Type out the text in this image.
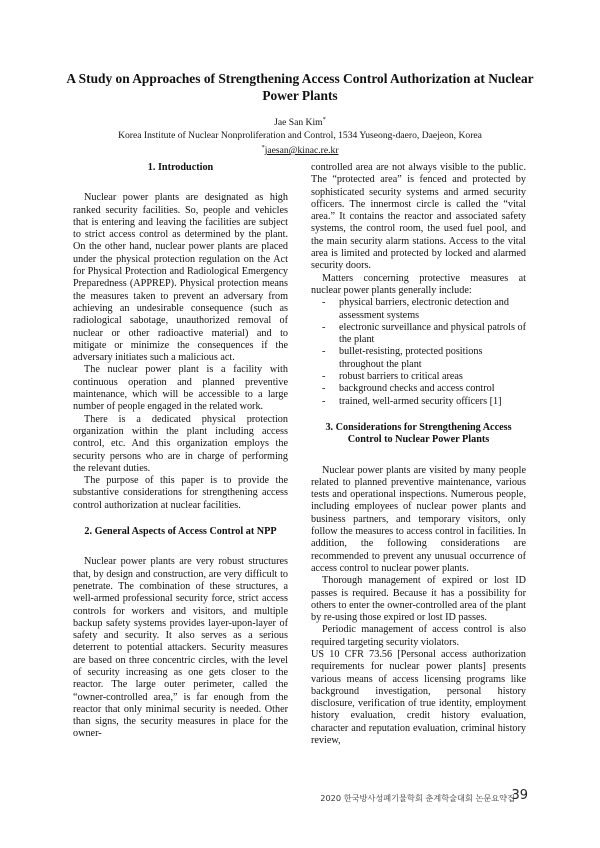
A Study on Approaches of Strengthening Access Control Authorization at Nuclear Power Plants
Jae San Kim*
Korea Institute of Nuclear Nonproliferation and Control, 1534 Yuseong-daero, Daejeon, Korea
*jaesan@kinac.re.kr
1. Introduction

Nuclear power plants are designated as high ranked security facilities. So, people and vehicles that is entering and leaving the facilities are subject to strict access control as determined by the plant. On the other hand, nuclear power plants are placed under the physical protection regulation on the Act for Physical Protection and Radiological Emergency Preparedness (APPREP). Physical protection means the measures taken to prevent an adversary from achieving an undesirable consequence (such as radiological sabotage, unauthorized removal of nuclear or other radioactive material) and to mitigate or minimize the consequences if the adversary initiates such a malicious act.

The nuclear power plant is a facility with continuous operation and planned preventive maintenance, which will be accessible to a large number of people engaged in the related work.

There is a dedicated physical protection organization within the plant including access control, etc. And this organization employs the security persons who are in charge of performing the relevant duties.

The purpose of this paper is to provide the substantive considerations for strengthening access control authorization at nuclear facilities.

2. General Aspects of Access Control at NPP

Nuclear power plants are very robust structures that, by design and construction, are very difficult to penetrate. The combination of these structures, a well-armed professional security force, strict access controls for workers and visitors, and multiple backup safety systems provides layer-upon-layer of safety and security. It also serves as a serious deterrent to potential attackers. Security measures are based on three concentric circles, with the level of security increasing as one gets closer to the reactor. The large outer perimeter, called the “owner-controlled area,” is far enough from the reactor that only minimal security is needed. Other than signs, the security measures in place for the owner-

controlled area are not always visible to the public. The “protected area” is fenced and protected by sophisticated security systems and armed security officers. The innermost circle is called the “vital area.” It contains the reactor and associated safety systems, the control room, the used fuel pool, and the main security alarm stations. Access to the vital area is limited and protected by locked and alarmed security doors.

Matters concerning protective measures at nuclear power plants generally include:

- physical barriers, electronic detection and assessment systems
- electronic surveillance and physical patrols of the plant
- bullet-resisting, protected positions throughout the plant
- robust barriers to critical areas
- background checks and access control
- trained, well-armed security officers [1]
3. Considerations for Strengthening Access
Control to Nuclear Power Plants

Nuclear power plants are visited by many people related to planned preventive maintenance, various tests and operational inspections. Numerous people, including employees of nuclear power plants and business partners, and temporary visitors, only follow the measures to access control in facilities. In addition, the following considerations are recommended to prevent any unusual occurrence of access control to nuclear power plants.

Thorough management of expired or lost ID passes is required. Because it has a possibility for others to enter the owner-controlled area of the plant by re-using those expired or lost ID passes.

Periodic management of access control is also required targeting security violators.

US 10 CFR 73.56 [Personal access authorization requirements for nuclear power plants] presents various means of access licensing programs like background investigation, personal history disclosure, verification of true identity, employment history evaluation, credit history evaluation, character and reputation evaluation, criminal history review,

2020 한국방사성폐기물학회 춘계학술대회 논문요약집
39
